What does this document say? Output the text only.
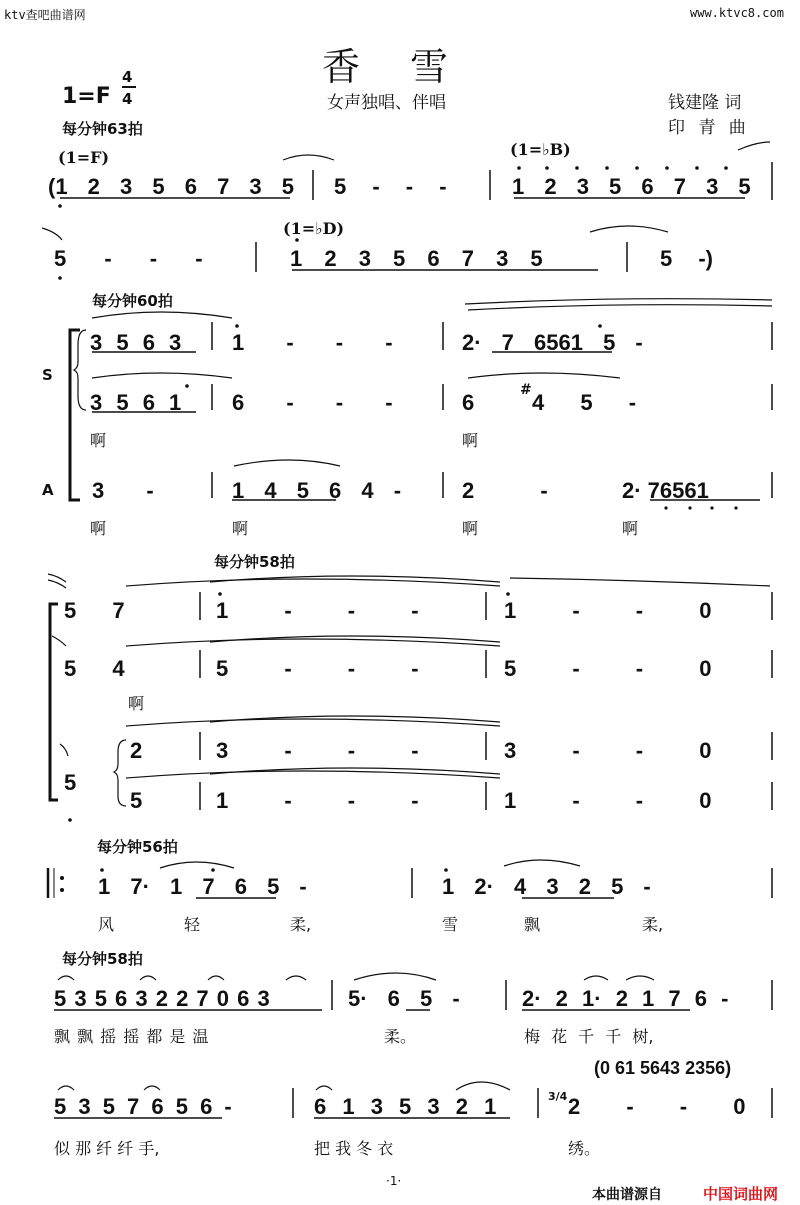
ktv查吧曲谱网	www.ktvc8.com
香雪
1=F
4
4	女声独唱、伴唱	钱建隆 词
印 青 曲
每分钟63拍
每分钟60拍
每分钟58拍
每分钟56拍
每分钟58拍
(1=F)	(1=♭B)
(1=♭D)
(1 2 3 5 6 7 3 5 5 - - -	1 2 3 5 6 7 3 5
5 - - -	1 2 3 5 6 7 3 5	5 -)
S
A
3 5 6 3 1 - - -	2· 7 6561 5 -
3 5 6 1 6 - - -	6	# 4 5 -
啊	啊
3 -	1 4 5 6 4 -	2 -	2· 76561
啊	啊	啊	啊
5 7	1 - - -	1 - - 0
5 4	5 - - -	5 - - 0
啊
2	3 - - -	3 - - 0
5	1 - - -	1 - - 0
5
1 7· 1 7 6 5 -	1 2· 4 3 2 5 -
风	轻	柔,	雪	飘	柔,
5 3 5 6 3 2 2 7 0 6 3	5· 6 5 -	2· 2 1· 2 1 7 6 -
飘 飘 摇 摇 都 是 温	柔。	梅 花 千 千 树,
(0 61 5643 2356)
5 3 5 7 6 5 6 -	6 1 3 5 3 2 1	3/4 2 - - 0
似 那 纤 纤 手,	把 我 冬 衣	绣。
·1·
本曲谱源自	中国词曲网
